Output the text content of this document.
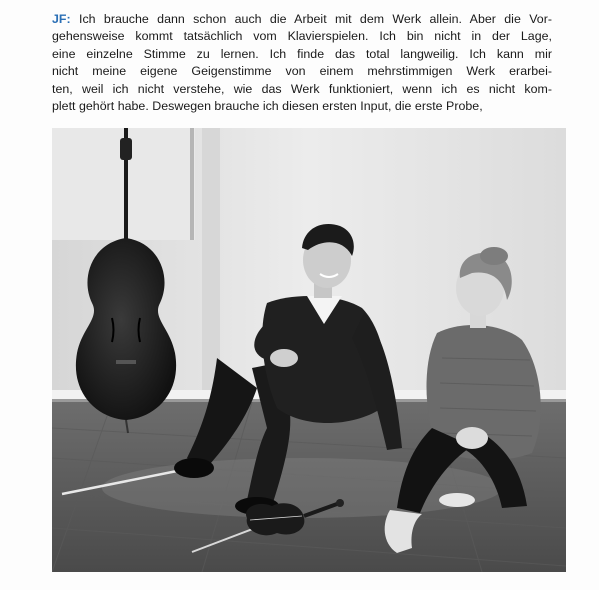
JF: Ich brauche dann schon auch die Arbeit mit dem Werk allein. Aber die Vor-
gehensweise kommt tatsächlich vom Klavierspielen. Ich bin nicht in der Lage,
eine einzelne Stimme zu lernen. Ich finde das total langweilig. Ich kann mir
nicht meine eigene Geigenstimme von einem mehrstimmigen Werk erarbei-
ten, weil ich nicht verstehe, wie das Werk funktioniert, wenn ich es nicht kom-
plett gehört habe. Deswegen brauche ich diesen ersten Input, die erste Probe,
